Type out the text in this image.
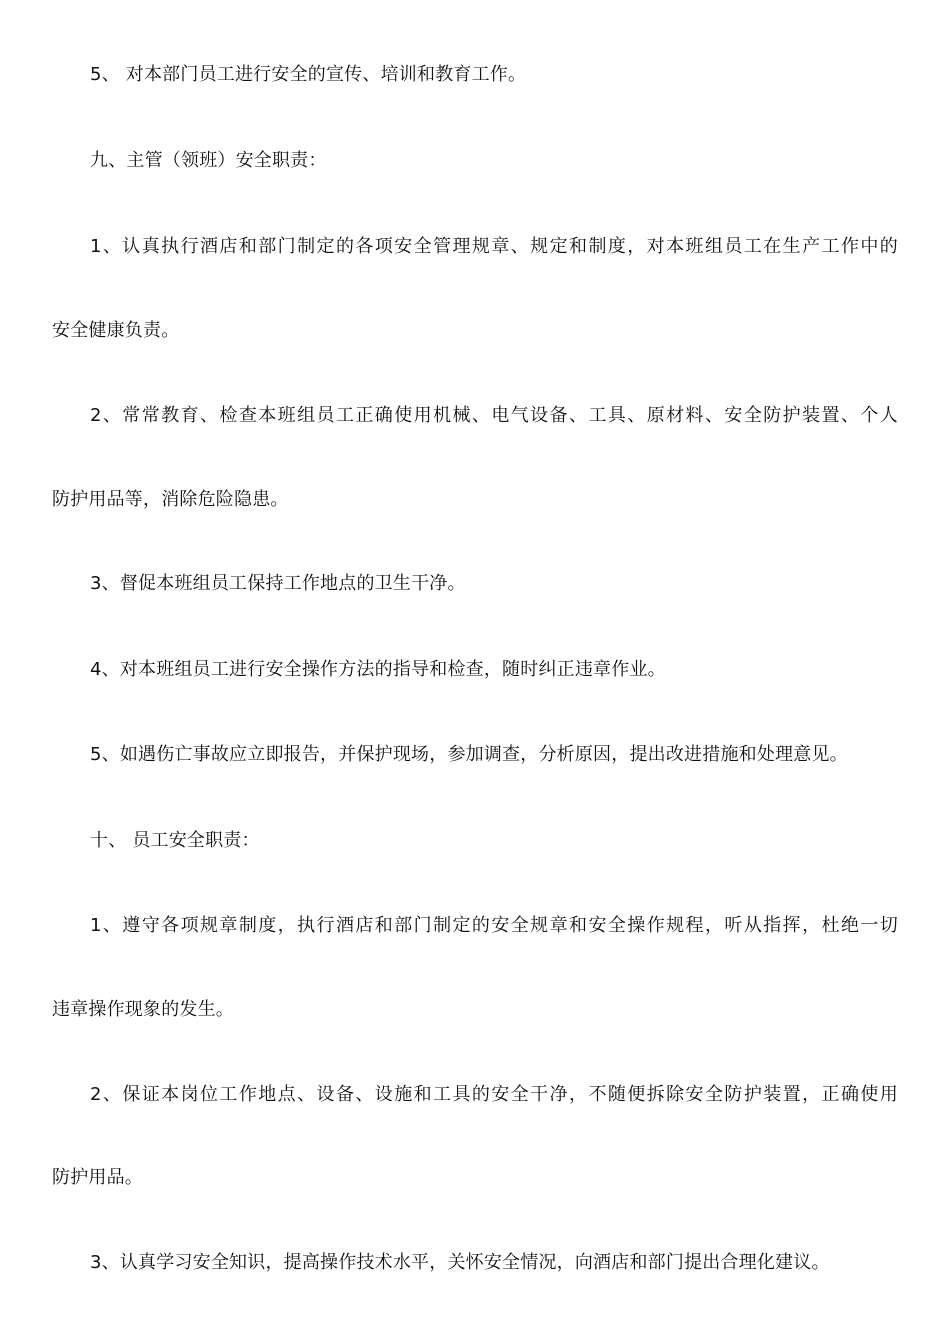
5、 对本部门员工进行安全的宣传、培训和教育工作。
九、主管（领班）安全职责：
1、认真执行酒店和部门制定的各项安全管理规章、规定和制度，对本班组员工在生产工作中的
安全健康负责。
2、常常教育、检查本班组员工正确使用机械、电气设备、工具、原材料、安全防护装置、个人
防护用品等，消除危险隐患。
3、督促本班组员工保持工作地点的卫生干净。
4、对本班组员工进行安全操作方法的指导和检查，随时纠正违章作业。
5、如遇伤亡事故应立即报告，并保护现场，参加调查，分析原因，提出改进措施和处理意见。
十、 员工安全职责：
1、遵守各项规章制度，执行酒店和部门制定的安全规章和安全操作规程，听从指挥，杜绝一切
违章操作现象的发生。
2、保证本岗位工作地点、设备、设施和工具的安全干净，不随便拆除安全防护装置，正确使用
防护用品。
3、认真学习安全知识，提高操作技术水平，关怀安全情况，向酒店和部门提出合理化建议。
